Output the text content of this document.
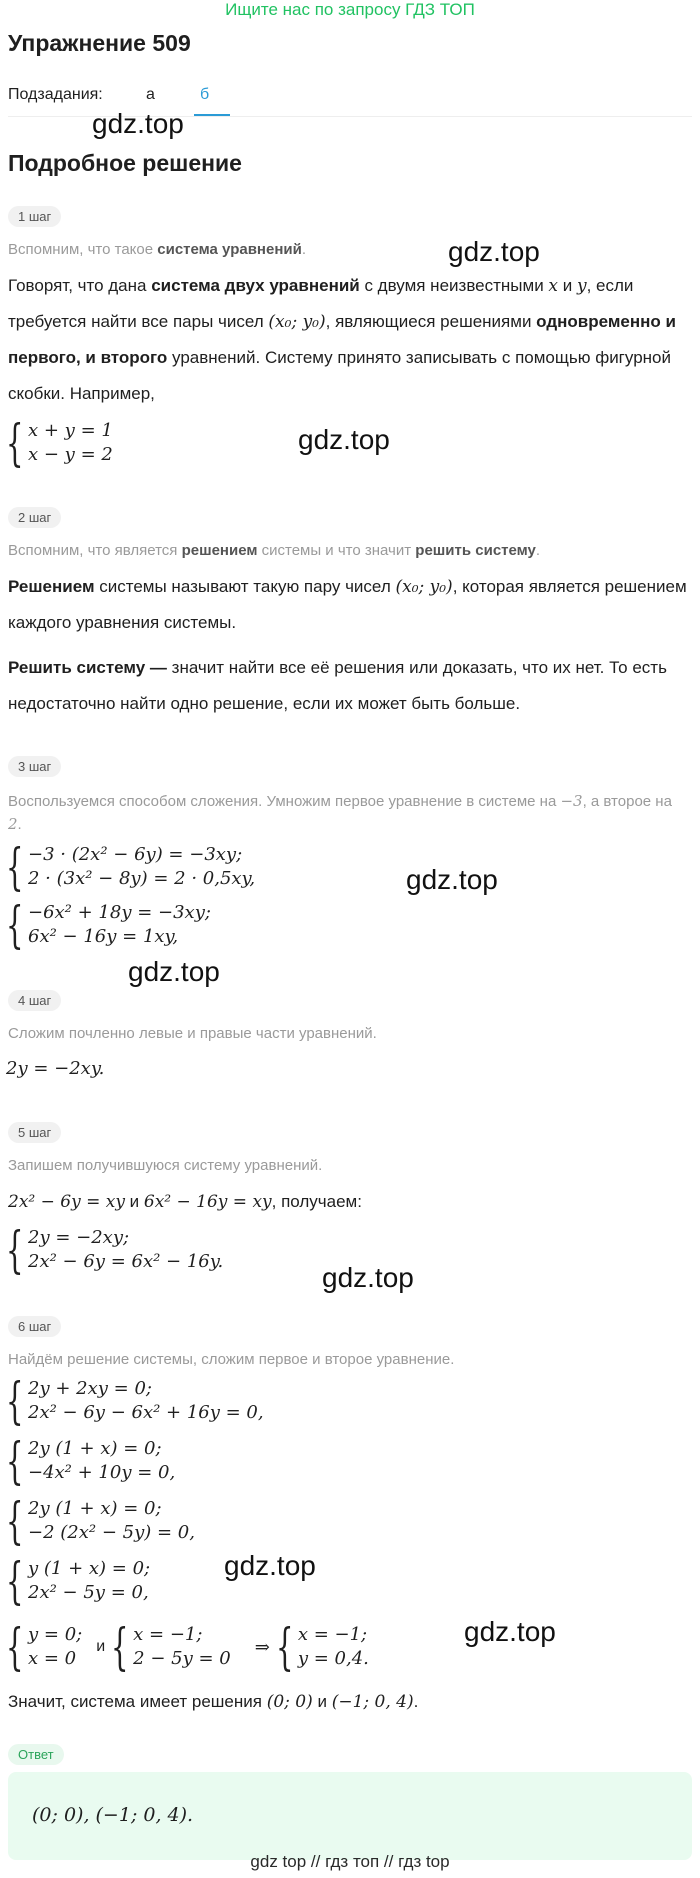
Ищите нас по запросу ГДЗ ТОП
Упражнение 509
Подзадания:	а	б
gdz.top
Подробное решение
1 шаг
Вспомним, что такое система уравнений.	gdz.top
Говорят, что дана система двух уравнений с двумя неизвестными x и y, если требуется найти все пары чисел (x₀; y₀), являющиеся решениями одновременно и первого, и второго уравнений. Систему принято записывать с помощью фигурной скобки. Например,
{ x + y = 1
x − y = 2	gdz.top
2 шаг
Вспомним, что является решением системы и что значит решить систему.
Решением системы называют такую пару чисел (x₀; y₀), которая является решением каждого уравнения системы.
Решить систему — значит найти все её решения или доказать, что их нет. То есть недостаточно найти одно решение, если их может быть больше.
3 шаг
Воспользуемся способом сложения. Умножим первое уравнение в системе на −3, а второе на 2.
{ −3 · (2x² − 6y) = −3xy;
2 · (3x² − 8y) = 2 · 0,5xy,	gdz.top
{ −6x² + 18y = −3xy;
6x² − 16y = 1xy,
gdz.top
4 шаг
Сложим почленно левые и правые части уравнений.
2y = −2xy.
5 шаг
Запишем получившуюся систему уравнений.
2x² − 6y = xy и 6x² − 16y = xy, получаем:
{ 2y = −2xy;
2x² − 6y = 6x² − 16y.
gdz.top
6 шаг
Найдём решение системы, сложим первое и второе уравнение.
{ 2y + 2xy = 0;
2x² − 6y − 6x² + 16y = 0,
{ 2y (1 + x) = 0;
−4x² + 10y = 0,
{ 2y (1 + x) = 0;
−2 (2x² − 5y) = 0,
{ y (1 + x) = 0;
2x² − 5y = 0,
gdz.top
{ y = 0;
x = 0
и { x = −1;
2 − 5y = 0
⇒ { x = −1;
y = 0,4.
gdz.top
Значит, система имеет решения (0; 0) и (−1; 0, 4).
Ответ
(0; 0), (−1; 0, 4).
gdz top // гдз топ // гдз top
